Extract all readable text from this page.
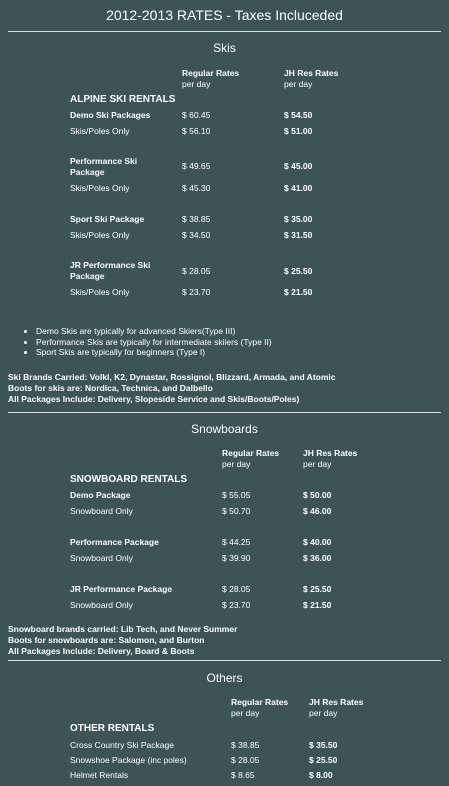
2012-2013 RATES - Taxes Incluceded
Skis
Regular Rates
per day
JH Res Rates
per day
ALPINE SKI RENTALS
Demo Ski Packages	$ 60.45	$ 54.50
Skis/Poles Only	$ 56.10	$ 51.00
Performance Ski Package
$ 49.65	$ 45.00
Skis/Poles Only	$ 45.30	$ 41.00
Sport Ski Package	$ 38.85	$ 35.00
Skis/Poles Only	$ 34.50	$ 31.50
JR Performance Ski Package	$ 28.05	$ 25.50
Skis/Poles Only	$ 23.70	$ 21.50
• Demo Skis are typically for advanced Skiers(Type III)
• Performance Skis are typically for intermediate skiiers (Type II)
• Sport Skis are typically for beginners (Type I)
Ski Brands Carried: Volkl, K2, Dynastar, Rossignol, Blizzard, Armada, and Atomic
Boots for skis are: Nordica, Technica, and Dalbello
All Packages Include: Delivery, Slopeside Service and Skis/Boots/Poles)
Snowboards
Regular Rates
per day
JH Res Rates
per day
SNOWBOARD RENTALS
Demo Package	$ 55.05	$ 50.00
Snowboard Only	$ 50.70	$ 46.00
Performance Package	$ 44.25	$ 40.00
Snowboard Only	$ 39.90	$ 36.00
JR Performance Package	$ 28.05	$ 25.50
Snowboard Only	$ 23.70	$ 21.50
Snowboard brands carried: Lib Tech, and Never Summer
Boots for snowboards are: Salomon, and Burton
All Packages Include: Delivery, Board & Boots
Others
Regular Rates
per day
JH Res Rates
per day
OTHER RENTALS
Cross Country Ski Package	$ 38.85	$ 35.50
Snowshoe Package (inc poles)	$ 28.05	$ 25.50
Helmet Rentals	$ 8.65	$ 8.00
